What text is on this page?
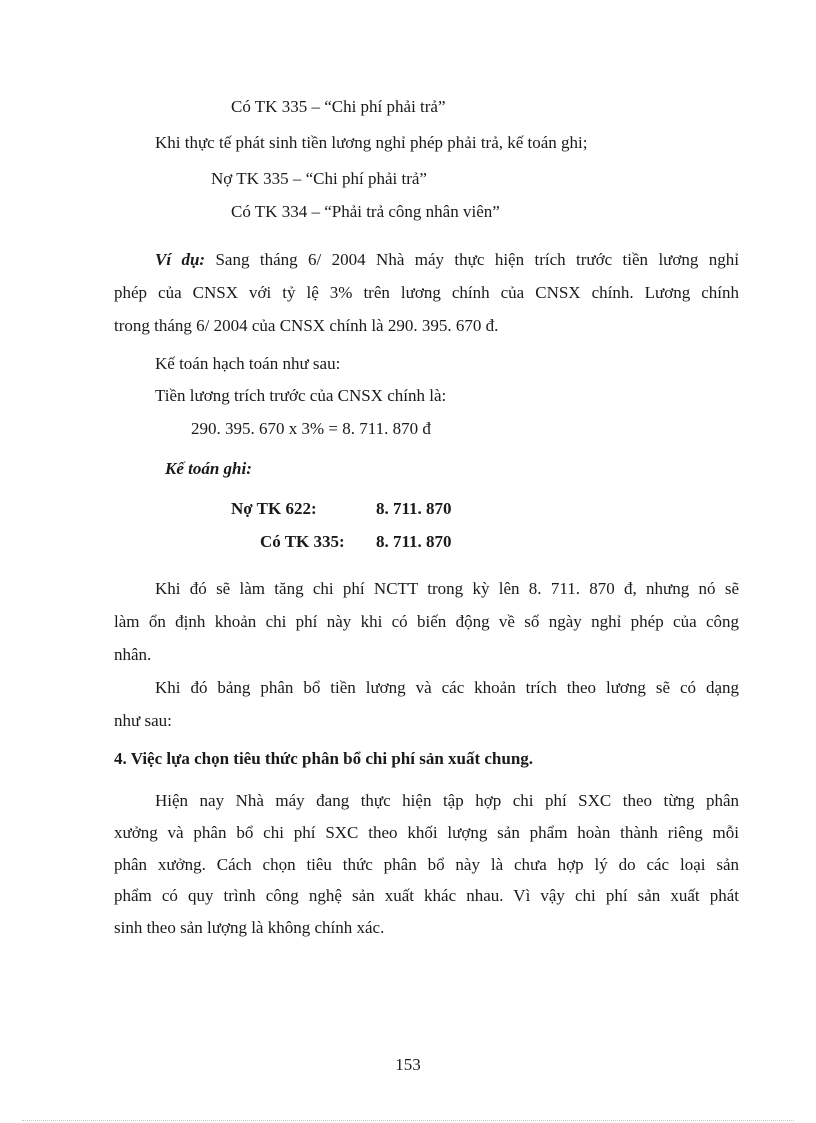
Có TK 335 – “Chi phí phải trả”
Khi thực tế phát sinh tiền lương nghỉ phép phải trả, kế toán ghi;
Nợ TK 335 – “Chi phí phải trả”
Có TK 334 – “Phải trả công nhân viên”
Ví dụ: Sang tháng 6/ 2004 Nhà máy thực hiện trích trước tiền lương nghỉ
phép của CNSX với tỷ lệ 3% trên lương chính của CNSX chính. Lương chính
trong tháng 6/ 2004 của CNSX chính là 290. 395. 670 đ.
Kế toán hạch toán như sau:
Tiền lương trích trước của CNSX chính là:
290. 395. 670 x 3% = 8. 711. 870 đ
Kế toán ghi:
Nợ TK 622:	8. 711. 870
Có TK 335: 8. 711. 870
Khi đó sẽ làm tăng chi phí NCTT trong kỳ lên 8. 711. 870 đ, nhưng nó sẽ
làm ổn định khoản chi phí này khi có biến động về số ngày nghỉ phép của công
nhân.
Khi đó bảng phân bổ tiền lương và các khoản trích theo lương sẽ có dạng
như sau:
4. Việc lựa chọn tiêu thức phân bổ chi phí sản xuất chung.
Hiện nay Nhà máy đang thực hiện tập hợp chi phí SXC theo từng phân
xưởng và phân bổ chi phí SXC theo khối lượng sản phẩm hoàn thành riêng mỗi
phân xưởng. Cách chọn tiêu thức phân bổ này là chưa hợp lý do các loại sản
phẩm có quy trình công nghệ sản xuất khác nhau. Vì vậy chi phí sản xuất phát
sinh theo sản lượng là không chính xác.
153
